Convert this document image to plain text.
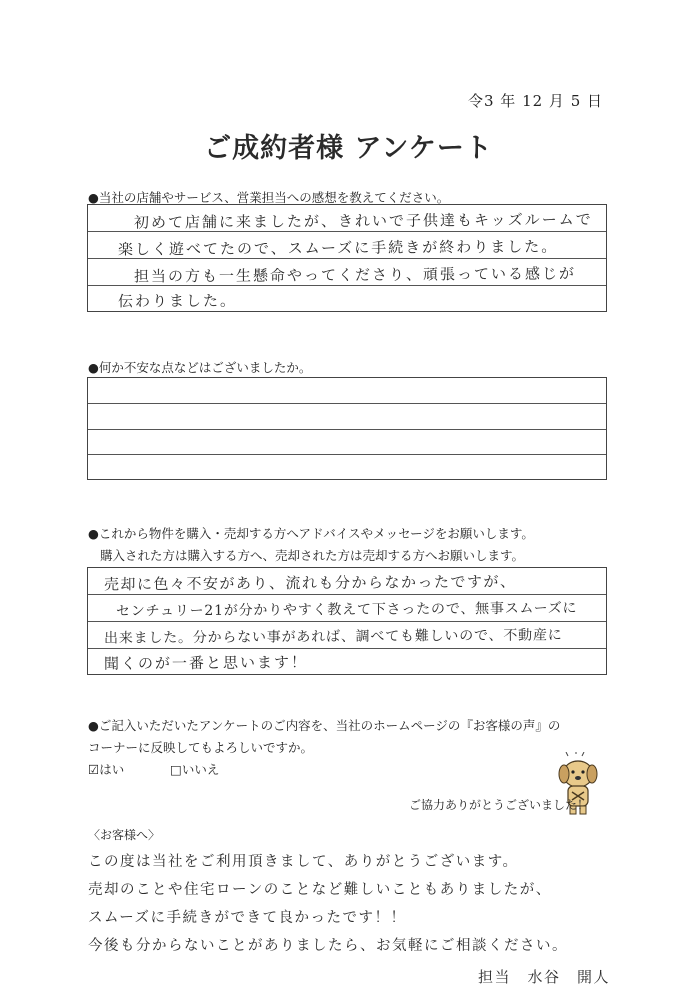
令3 年 12 月 5 日
ご成約者様 アンケート
●当社の店舗やサービス、営業担当への感想を教えてください。
初めて店舗に来ましたが、きれいで子供達もキッズルームで
楽しく遊べてたので、スムーズに手続きが終わりました。
担当の方も一生懸命やってくださり、頑張っている感じが
伝わりました。
●何か不安な点などはございましたか。
●これから物件を購入・売却する方へアドバイスやメッセージをお願いします。
購入された方は購入する方へ、売却された方は売却する方へお願いします。
売却に色々不安があり、流れも分からなかったですが、
センチュリー21が分かりやすく教えて下さったので、無事スムーズに
出来ました。分からない事があれば、調べても難しいので、不動産に
聞くのが一番と思います！
●ご記入いただいたアンケートのご内容を、当社のホームページの『お客様の声』の
コーナーに反映してもよろしいですか。
☑はい	□いいえ
ご協力ありがとうございました！
〈お客様へ〉
この度は当社をご利用頂きまして、ありがとうございます。
売却のことや住宅ローンのことなど難しいこともありましたが、
スムーズに手続きができて良かったです！！
今後も分からないことがありましたら、お気軽にご相談ください。
担当　水谷　開人
